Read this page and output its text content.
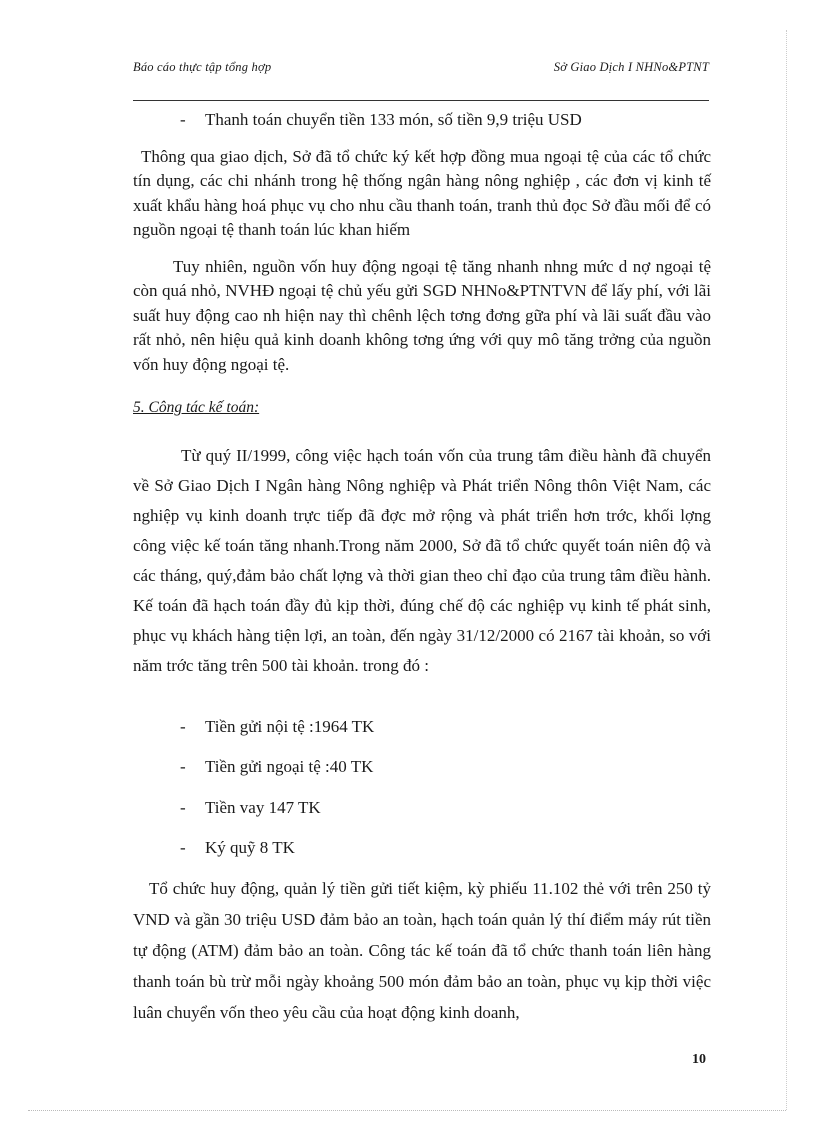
Báo cáo thực tập tổng hợp	Sở Giao Dịch I NHNo&PTNT

- Thanh toán chuyển tiền 133 món, số tiền 9,9 triệu USD

Thông qua giao dịch, Sở đã tổ chức ký kết hợp đồng mua ngoại tệ của các tổ chức tín dụng, các chi nhánh trong hệ thống ngân hàng nông nghiệp , các đơn vị kinh tế xuất khẩu hàng hoá phục vụ cho nhu cầu thanh toán, tranh thủ đọc Sở đầu mối để có nguồn ngoại tệ thanh toán lúc khan hiếm

Tuy nhiên, nguồn vốn huy động ngoại tệ tăng nhanh nhng mức d nợ ngoại tệ còn quá nhỏ, NVHĐ ngoại tệ chủ yếu gửi SGD NHNo&PTNTVN để lấy phí, với lãi suất huy động cao nh hiện nay thì chênh lệch tơng đơng gữa phí và lãi suất đầu vào rất nhỏ, nên hiệu quả kinh doanh không tơng ứng với quy mô tăng trởng của nguồn vốn huy động ngoại tệ.

5. Công tác kế toán:

Từ quý II/1999, công việc hạch toán vốn của trung tâm điều hành đã chuyển về Sở Giao Dịch I Ngân hàng Nông nghiệp và Phát triển Nông thôn Việt Nam, các nghiệp vụ kinh doanh trực tiếp đã đợc mở rộng và phát triển hơn trớc, khối lợng công việc kế toán tăng nhanh.Trong năm 2000, Sở đã tổ chức quyết toán niên độ và các tháng, quý,đảm bảo chất lợng và thời gian theo chỉ đạo của trung tâm điều hành. Kế toán đã hạch toán đầy đủ kịp thời, đúng chế độ các nghiệp vụ kinh tế phát sinh, phục vụ khách hàng tiện lợi, an toàn, đến ngày 31/12/2000 có 2167 tài khoản, so với năm trớc tăng trên 500 tài khoản. trong đó :

- Tiền gửi nội tệ :1964 TK

- Tiền gửi ngoại tệ :40 TK

- Tiền vay 147 TK

- Ký quỹ 8 TK

Tổ chức huy động, quản lý tiền gửi tiết kiệm, kỳ phiếu 11.102 thẻ với trên 250 tỷ VND và gần 30 triệu USD đảm bảo an toàn, hạch toán quản lý thí điểm máy rút tiền tự động (ATM) đảm bảo an toàn. Công tác kế toán đã tổ chức thanh toán liên hàng thanh toán bù trừ mỗi ngày khoảng 500 món đảm bảo an toàn, phục vụ kịp thời việc luân chuyển vốn theo yêu cầu của hoạt động kinh doanh,

10
